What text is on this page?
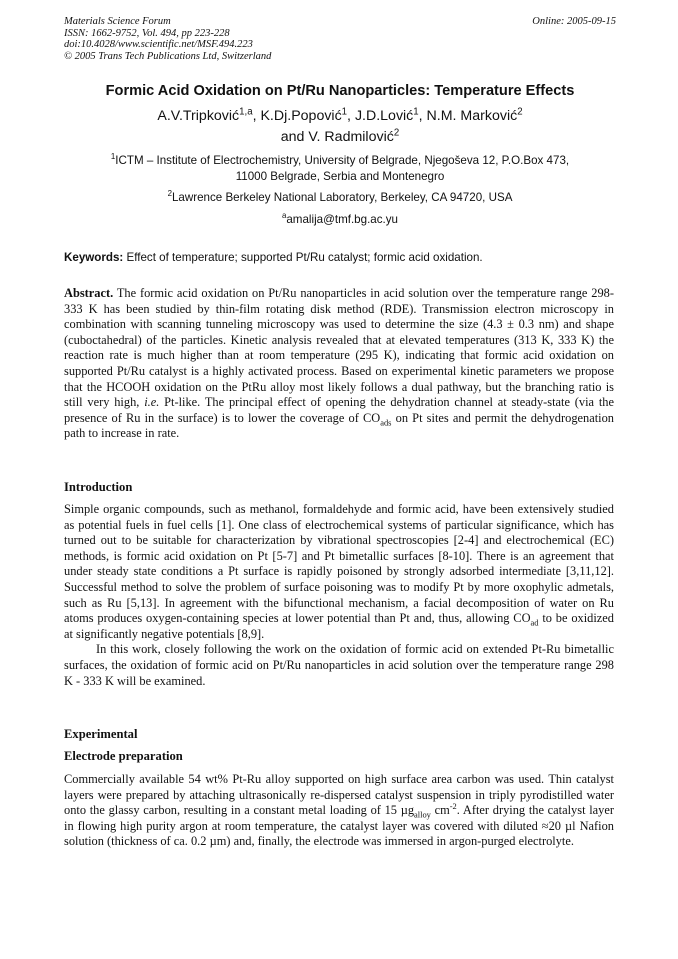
Materials Science Forum
ISSN: 1662-9752, Vol. 494, pp 223-228
doi:10.4028/www.scientific.net/MSF.494.223
© 2005 Trans Tech Publications Ltd, Switzerland
Online: 2005-09-15
Formic Acid Oxidation on Pt/Ru Nanoparticles: Temperature Effects
A.V.Tripković$^{1,a}$, K.Dj.Popović$^1$, J.D.Lović$^1$, N.M. Marković$^2$
and V. Radmilović$^2$
$^1$ICTM – Institute of Electrochemistry, University of Belgrade, Njegoševa 12, P.O.Box 473,
11000 Belgrade, Serbia and Montenegro
$^2$Lawrence Berkeley National Laboratory, Berkeley, CA 94720, USA
$^a$amalija@tmf.bg.ac.yu
Keywords: Effect of temperature; supported Pt/Ru catalyst; formic acid oxidation.
Abstract. The formic acid oxidation on Pt/Ru nanoparticles in acid solution over the temperature range 298-333 K has been studied by thin-film rotating disk method (RDE). Transmission electron microscopy in combination with scanning tunneling microscopy was used to determine the size (4.3 ± 0.3 nm) and shape (cuboctahedral) of the particles. Kinetic analysis revealed that at elevated temperatures (313 K, 333 K) the reaction rate is much higher than at room temperature (295 K), indicating that formic acid oxidation on supported Pt/Ru catalyst is a highly activated process. Based on experimental kinetic parameters we propose that the HCOOH oxidation on the PtRu alloy most likely follows a dual pathway, but the branching ratio is still very high, i.e. Pt-like. The principal effect of opening the dehydration channel at steady-state (via the presence of Ru in the surface) is to lower the coverage of $CO_{ads}$ on Pt sites and permit the dehydrogenation path to increase in rate.
Introduction
Simple organic compounds, such as methanol, formaldehyde and formic acid, have been extensively studied as potential fuels in fuel cells [1]. One class of electrochemical systems of particular significance, which has turned out to be suitable for characterization by vibrational spectroscopies [2-4] and electrochemical (EC) methods, is formic acid oxidation on Pt [5-7] and Pt bimetallic surfaces [8-10]. There is an agreement that under steady state conditions a Pt surface is rapidly poisoned by strongly adsorbed intermediate [3,11,12]. Successful method to solve the problem of surface poisoning was to modify Pt by more oxophylic admetals, such as Ru [5,13]. In agreement with the bifunctional mechanism, a facial decomposition of water on Ru atoms produces oxygen-containing species at lower potential than Pt and, thus, allowing $CO_{ad}$ to be oxidized at significantly negative potentials [8,9].
In this work, closely following the work on the oxidation of formic acid on extended Pt-Ru bimetallic surfaces, the oxidation of formic acid on Pt/Ru nanoparticles in acid solution over the temperature range 298 K - 333 K will be examined.
Experimental
Electrode preparation
Commercially available 54 wt% Pt-Ru alloy supported on high surface area carbon was used. Thin catalyst layers were prepared by attaching ultrasonically re-dispersed catalyst suspension in triply pyrodistilled water onto the glassy carbon, resulting in a constant metal loading of 15 µg$_{alloy}$ $cm^{-2}$. After drying the catalyst layer in flowing high purity argon at room temperature, the catalyst layer was covered with diluted ≈20 µl Nafion solution (thickness of ca. 0.2 µm) and, finally, the electrode was immersed in argon-purged electrolyte.
